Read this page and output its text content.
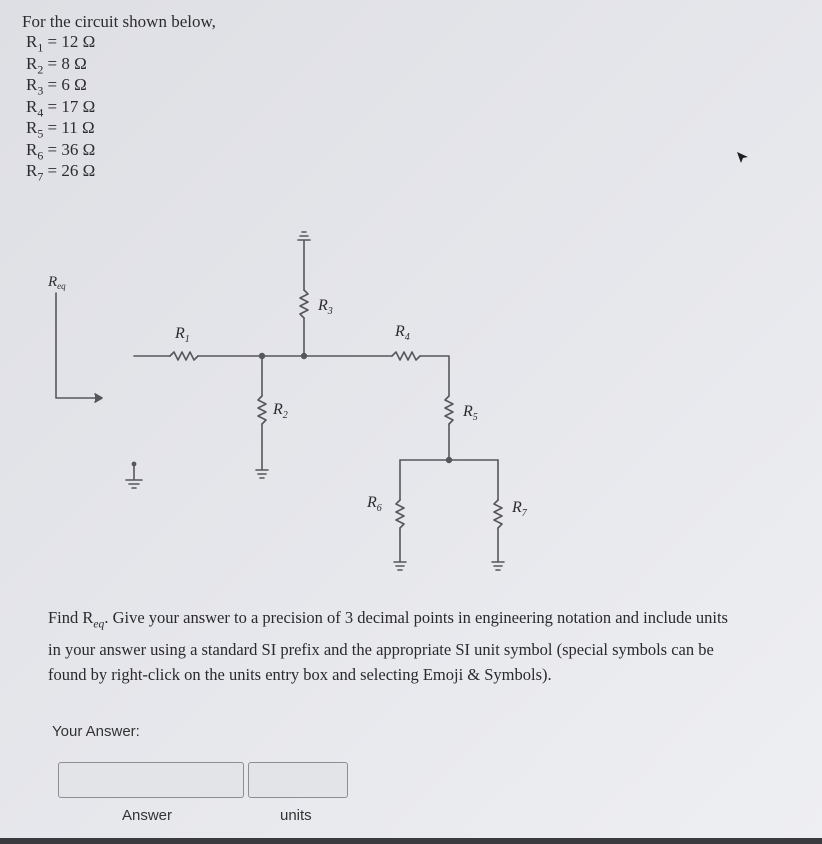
For the circuit shown below,
$R_1 = 12$ Ω
$R_2 = 8$ Ω
$R_3 = 6$ Ω
$R_4 = 17$ Ω
$R_5 = 11$ Ω
$R_6 = 36$ Ω
$R_7 = 26$ Ω
$R_{eq}$
$R_1$
$R_2$
$R_3$
$R_4$
$R_5$
$R_6$	$R_7$
Find $R_{eq}$. Give your answer to a precision of 3 decimal points in engineering notation and include units in your answer using a standard SI prefix and the appropriate SI unit symbol (special symbols can be found by right-click on the units entry box and selecting Emoji & Symbols).
Your Answer:
Answer	units
